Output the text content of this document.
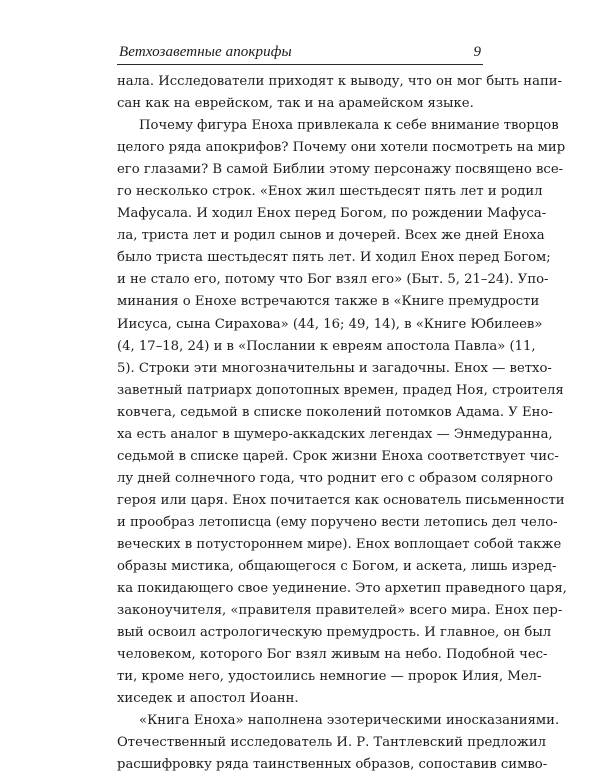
Ветхозаветные апокрифы	9
нала. Исследователи приходят к выводу, что он мог быть напи-
сан как на еврейском, так и на арамейском языке.
Почему фигура Еноха привлекала к себе внимание творцов
целого ряда апокрифов? Почему они хотели посмотреть на мир
его глазами? В самой Библии этому персонажу посвящено все-
го несколько строк. «Енох жил шестьдесят пять лет и родил
Мафусала. И ходил Енох перед Богом, по рождении Мафуса-
ла, триста лет и родил сынов и дочерей. Всех же дней Еноха
было триста шестьдесят пять лет. И ходил Енох перед Богом;
и не стало его, потому что Бог взял его» (Быт. 5, 21–24). Упо-
минания о Енохе встречаются также в «Книге премудрости
Иисуса, сына Сирахова» (44, 16; 49, 14), в «Книге Юбилеев»
(4, 17–18, 24) и в «Послании к евреям апостола Павла» (11,
5). Строки эти многозначительны и загадочны. Енох — ветхо-
заветный патриарх допотопных времен, прадед Ноя, строителя
ковчега, седьмой в списке поколений потомков Адама. У Ено-
ха есть аналог в шумеро-аккадских легендах — Энмедуранна,
седьмой в списке царей. Срок жизни Еноха соответствует чис-
лу дней солнечного года, что роднит его с образом солярного
героя или царя. Енох почитается как основатель письменности
и прообраз летописца (ему поручено вести летопись дел чело-
веческих в потустороннем мире). Енох воплощает собой также
образы мистика, общающегося с Богом, и аскета, лишь изред-
ка покидающего свое уединение. Это архетип праведного царя,
законоучителя, «правителя правителей» всего мира. Енох пер-
вый освоил астрологическую премудрость. И главное, он был
человеком, которого Бог взял живым на небо. Подобной чес-
ти, кроме него, удостоились немногие — пророк Илия, Мел-
хиседек и апостол Иоанн.
«Книга Еноха» наполнена эзотерическими иносказаниями.
Отечественный исследователь И. Р. Тантлевский предложил
расшифровку ряда таинственных образов, сопоставив симво-
